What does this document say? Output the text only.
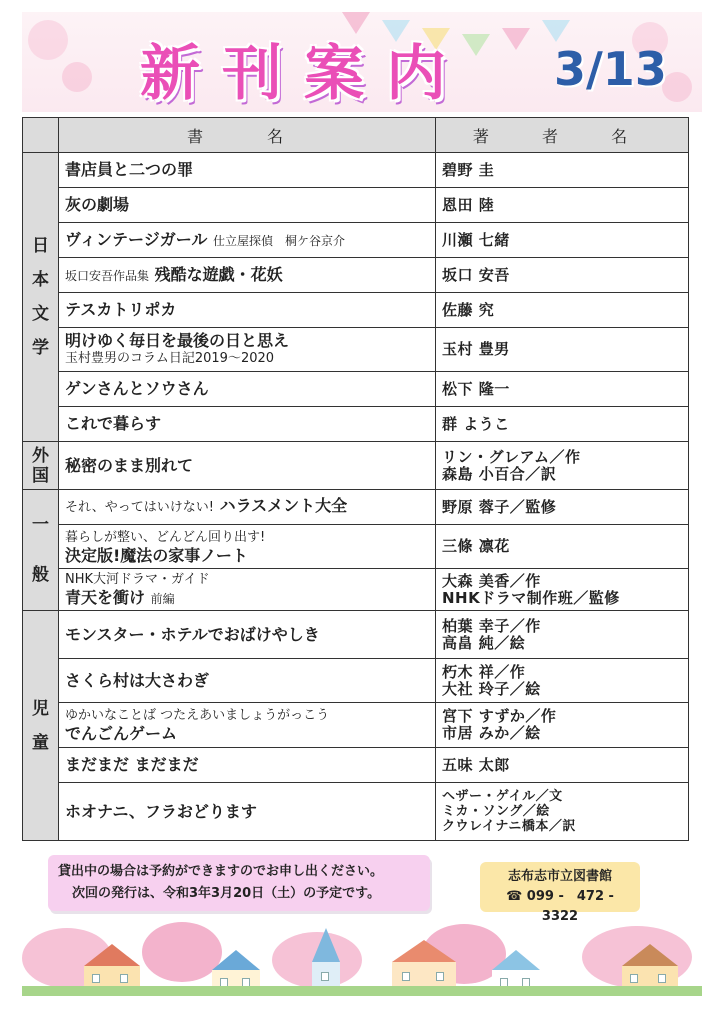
新刊案内 3/13
	書　名	著 者 名

日本文学	書店員と二つの罪	碧野 圭
	灰の劇場	恩田 陸
	ヴィンテージガール 仕立屋探偵　桐ケ谷京介	川瀬 七緒
	坂口安吾作品集 残酷な遊戯・花妖	坂口 安吾
	テスカトリポカ	佐藤 究

	明けゆく毎日を最後の日と思え
玉村豊男のコラム日記2019～2020	玉村 豊男
	ゲンさんとソウさん	松下 隆一
	これで暮らす	群 ようこ

外国	秘密のまま別れて	リン・グレアム／作
森島 小百合／訳

一般	それ、やってはいけない! ハラスメント大全	野原 蓉子／監修

	暮らしが整い、どんどん回り出す!
決定版!魔法の家事ノート	三條 凛花

	NHK大河ドラマ・ガイド
青天を衝け 前編	大森 美香／作
NHKドラマ制作班／監修

児童	モンスター・ホテルでおばけやしき	柏葉 幸子／作
高畠 純／絵

	さくら村は大さわぎ	朽木 祥／作
大社 玲子／絵

	ゆかいなことば つたえあいましょうがっこう
でんごんゲーム	宮下 すずか／作
市居 みか／絵

	まだまだ まだまだ	五味 太郎
	ホオナニ、フラおどります	ヘザー・ゲイル／文
ミカ・ソング／絵
クウレイナニ橋本／訳
貸出中の場合は予約ができますのでお申し出ください。
次回の発行は、令和3年3月20日（土）の予定です。
志布志市立図書館
☎ 099 -　472 - 3322
